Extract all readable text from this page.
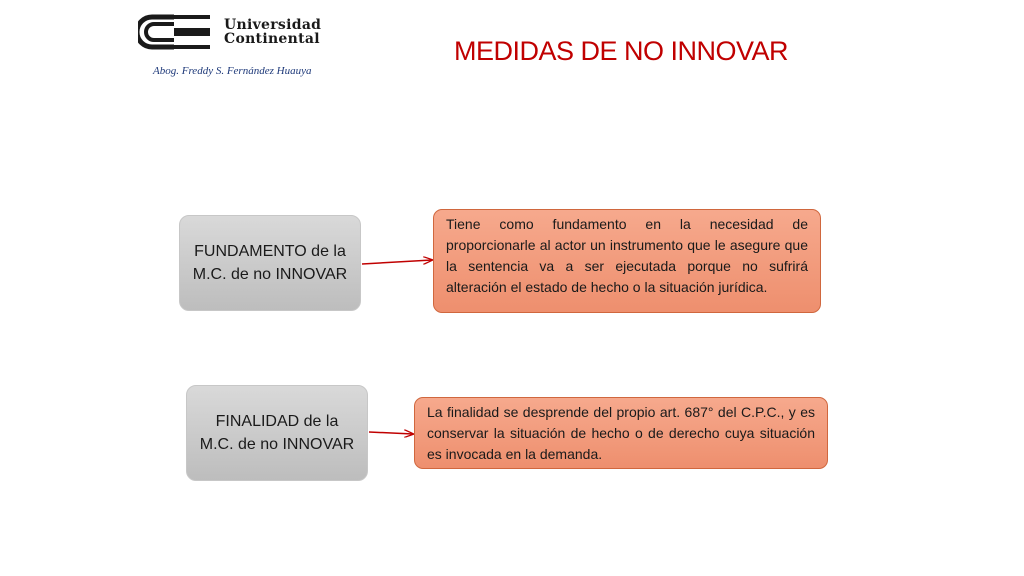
Universidad
Continental
Abog. Freddy S. Fernández Huauya
MEDIDAS DE NO INNOVAR
FUNDAMENTO de la M.C. de no INNOVAR
Tiene como fundamento en la necesidad de proporcionarle al actor un instrumento que le asegure que la sentencia va a ser ejecutada porque no sufrirá alteración el estado de hecho o la situación jurídica.
FINALIDAD de la M.C. de no INNOVAR
La finalidad se desprende del propio art. 687° del C.P.C., y es conservar la situación de hecho o de derecho cuya situación es invocada en la demanda.
